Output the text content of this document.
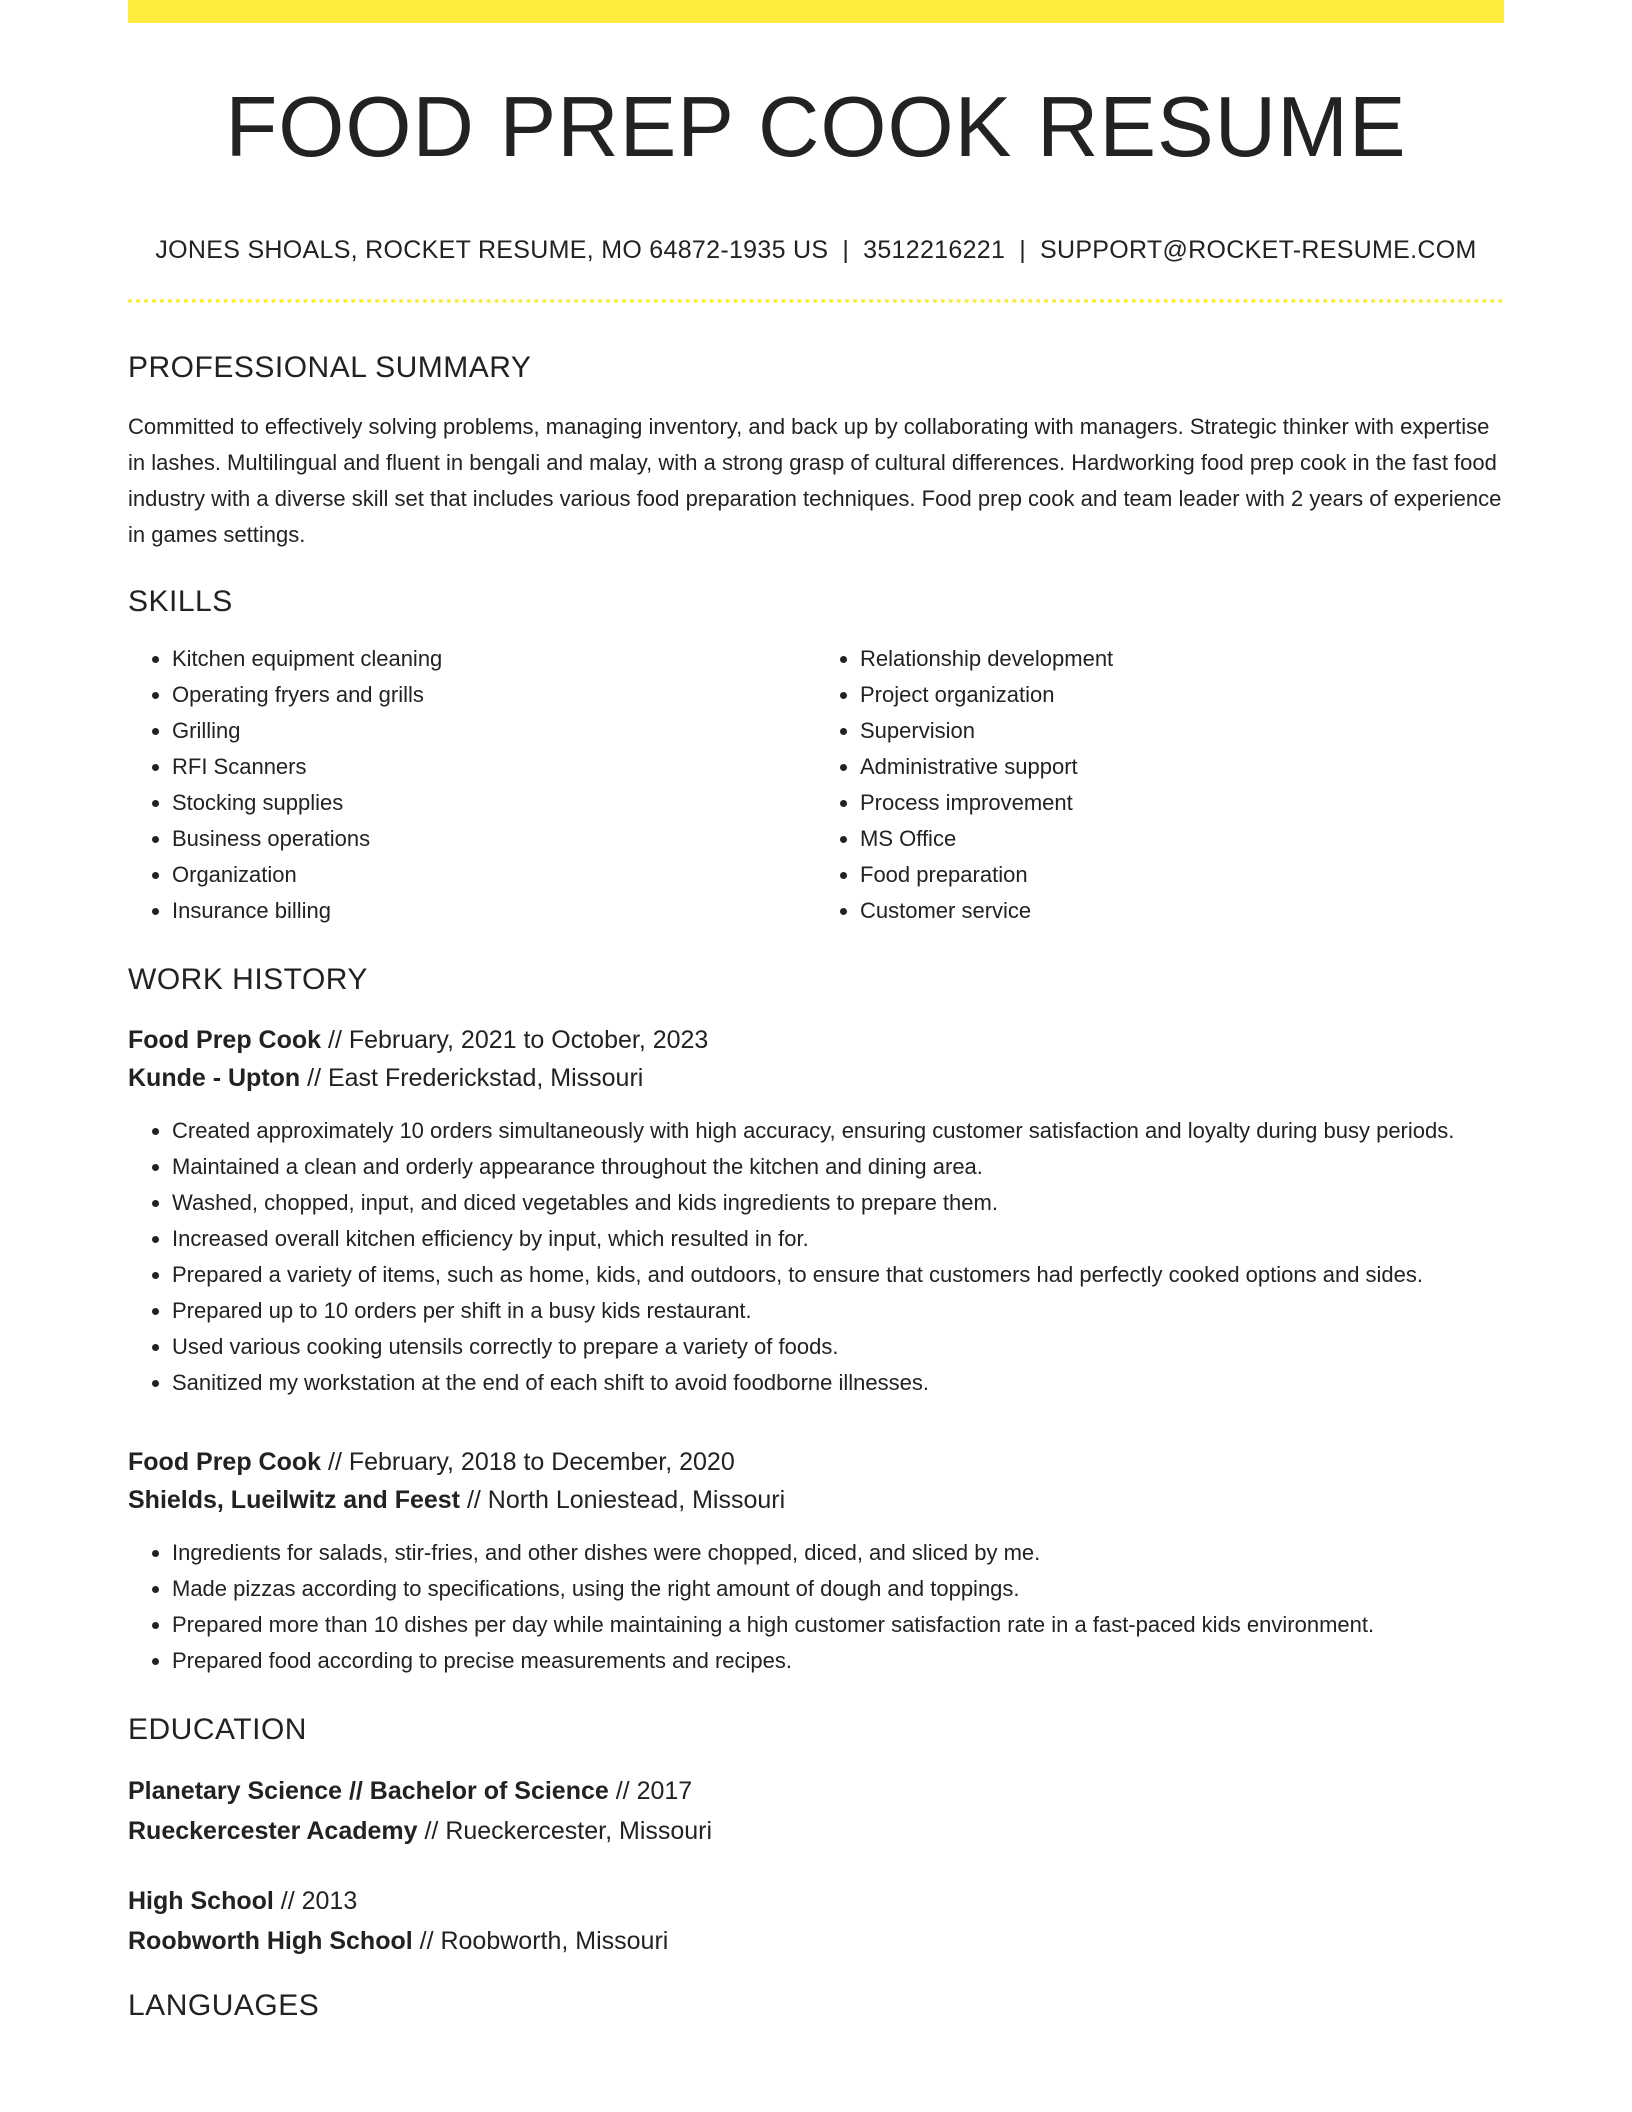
FOOD PREP COOK RESUME
JONES SHOALS, ROCKET RESUME, MO 64872-1935 US | 3512216221 | SUPPORT@ROCKET-RESUME.COM
PROFESSIONAL SUMMARY

Committed to effectively solving problems, managing inventory, and back up by collaborating with managers. Strategic thinker with expertise in lashes. Multilingual and fluent in bengali and malay, with a strong grasp of cultural differences. Hardworking food prep cook in the fast food industry with a diverse skill set that includes various food preparation techniques. Food prep cook and team leader with 2 years of experience in games settings.

SKILLS
• Kitchen equipment cleaning
• Operating fryers and grills
• Grilling
• RFI Scanners
• Stocking supplies
• Business operations
• Organization
• Insurance billing
• Relationship development
• Project organization
• Supervision
• Administrative support
• Process improvement
• MS Office
• Food preparation
• Customer service
WORK HISTORY
Food Prep Cook // February, 2021 to October, 2023
Kunde - Upton // East Frederickstad, Missouri
• Created approximately 10 orders simultaneously with high accuracy, ensuring customer satisfaction and loyalty during busy periods.
• Maintained a clean and orderly appearance throughout the kitchen and dining area.
• Washed, chopped, input, and diced vegetables and kids ingredients to prepare them.
• Increased overall kitchen efficiency by input, which resulted in for.
• Prepared a variety of items, such as home, kids, and outdoors, to ensure that customers had perfectly cooked options and sides.
• Prepared up to 10 orders per shift in a busy kids restaurant.
• Used various cooking utensils correctly to prepare a variety of foods.
• Sanitized my workstation at the end of each shift to avoid foodborne illnesses.
Food Prep Cook // February, 2018 to December, 2020
Shields, Lueilwitz and Feest // North Loniestead, Missouri
• Ingredients for salads, stir-fries, and other dishes were chopped, diced, and sliced by me.
• Made pizzas according to specifications, using the right amount of dough and toppings.
• Prepared more than 10 dishes per day while maintaining a high customer satisfaction rate in a fast-paced kids environment.
• Prepared food according to precise measurements and recipes.
EDUCATION
Planetary Science // Bachelor of Science // 2017
Rueckercester Academy // Rueckercester, Missouri
High School // 2013
Roobworth High School // Roobworth, Missouri
LANGUAGES
